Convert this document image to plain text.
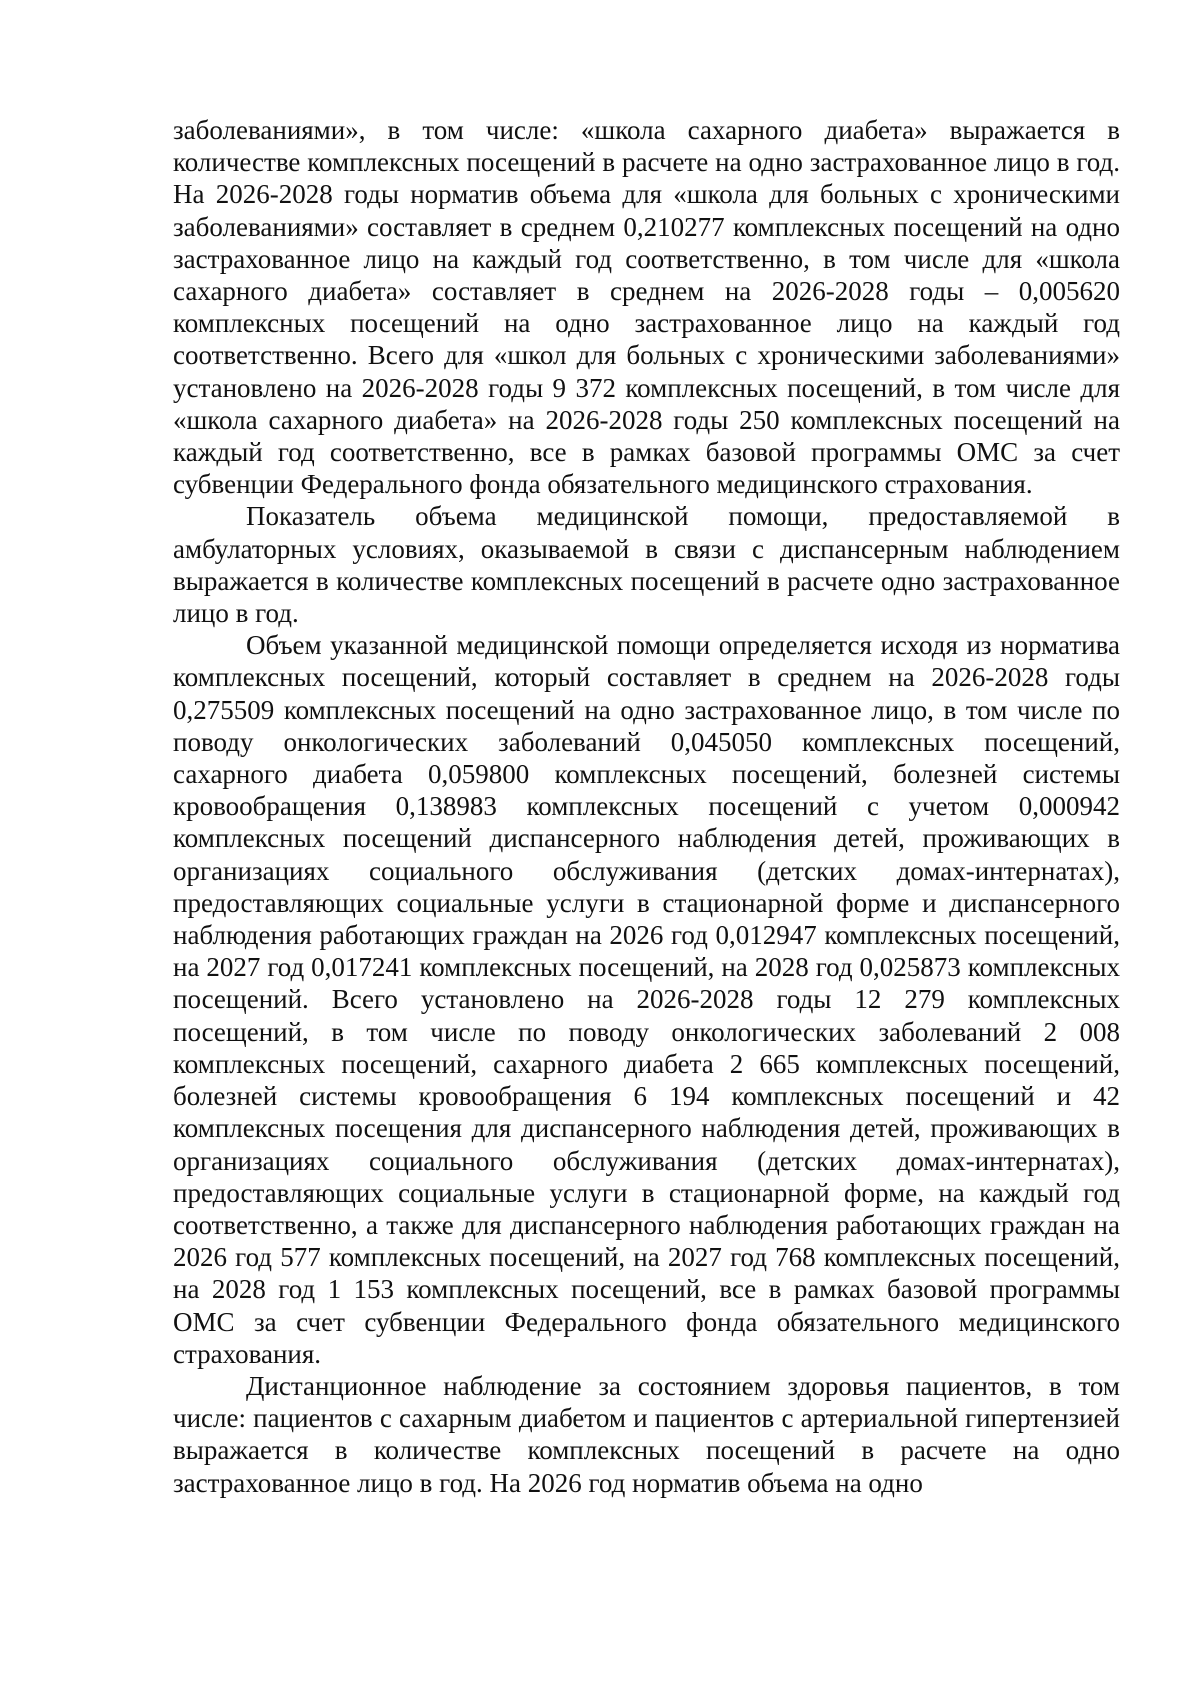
заболеваниями», в том числе: «школа сахарного диабета» выражается в количестве комплексных посещений в расчете на одно застрахованное лицо в год. На 2026-2028 годы норматив объема для «школа для больных с хроническими заболеваниями» составляет в среднем 0,210277 комплексных посещений на одно застрахованное лицо на каждый год соответственно, в том числе для «школа сахарного диабета» составляет в среднем на 2026-2028 годы – 0,005620 комплексных посещений на одно застрахованное лицо на каждый год соответственно. Всего для «школ для больных с хроническими заболеваниями» установлено на 2026-2028 годы 9 372 комплексных посещений, в том числе для «школа сахарного диабета» на 2026-2028 годы 250 комплексных посещений на каждый год соответственно, все в рамках базовой программы ОМС за счет субвенции Федерального фонда обязательного медицинского страхования.

Показатель объема медицинской помощи, предоставляемой в амбулаторных условиях, оказываемой в связи с диспансерным наблюдением выражается в количестве комплексных посещений в расчете одно застрахованное лицо в год.

Объем указанной медицинской помощи определяется исходя из норматива комплексных посещений, который составляет в среднем на 2026-2028 годы 0,275509 комплексных посещений на одно застрахованное лицо, в том числе по поводу онкологических заболеваний 0,045050 комплексных посещений, сахарного диабета 0,059800 комплексных посещений, болезней системы кровообращения 0,138983 комплексных посещений с учетом 0,000942 комплексных посещений диспансерного наблюдения детей, проживающих в организациях социального обслуживания (детских домах-интернатах), предоставляющих социальные услуги в стационарной форме и диспансерного наблюдения работающих граждан на 2026 год 0,012947 комплексных посещений, на 2027 год 0,017241 комплексных посещений, на 2028 год 0,025873 комплексных посещений. Всего установлено на 2026-2028 годы 12 279 комплексных посещений, в том числе по поводу онкологических заболеваний 2 008 комплексных посещений, сахарного диабета 2 665 комплексных посещений, болезней системы кровообращения 6 194 комплексных посещений и 42 комплексных посещения для диспансерного наблюдения детей, проживающих в организациях социального обслуживания (детских домах-интернатах), предоставляющих социальные услуги в стационарной форме, на каждый год соответственно, а также для диспансерного наблюдения работающих граждан на 2026 год 577 комплексных посещений, на 2027 год 768 комплексных посещений, на 2028 год 1 153 комплексных посещений, все в рамках базовой программы ОМС за счет субвенции Федерального фонда обязательного медицинского страхования.

Дистанционное наблюдение за состоянием здоровья пациентов, в том числе: пациентов с сахарным диабетом и пациентов с артериальной гипертензией выражается в количестве комплексных посещений в расчете на одно застрахованное лицо в год. На 2026 год норматив объема на одно
